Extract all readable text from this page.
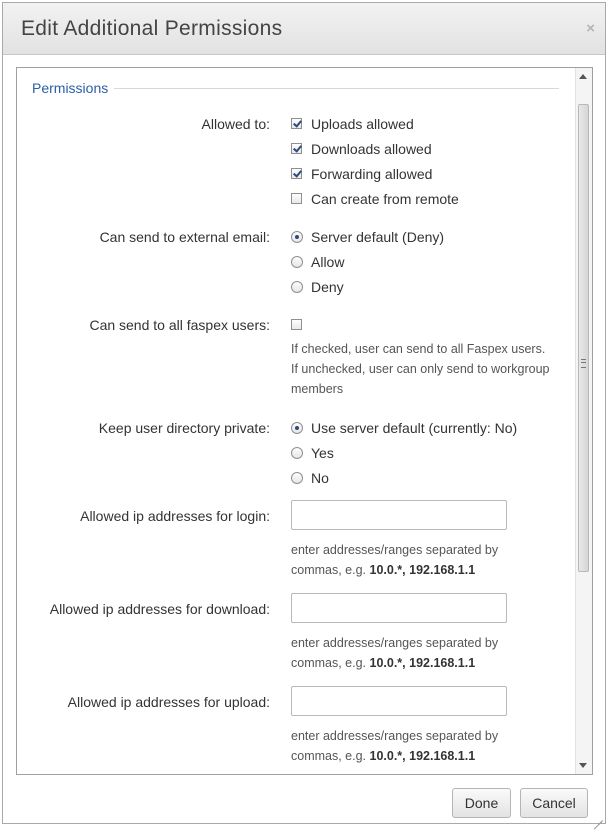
Edit Additional Permissions	×
Permissions
Allowed to:	Uploads allowed
Downloads allowed
Forwarding allowed
Can create from remote
Can send to external email:	Server default (Deny)
Allow
Deny
Can send to all faspex users:
If checked, user can send to all Faspex users.
If unchecked, user can only send to workgroup members
Keep user directory private:	Use server default (currently: No)
Yes
No
Allowed ip addresses for login:
enter addresses/ranges separated by commas, e.g. 10.0.*, 192.168.1.1
Allowed ip addresses for download:
enter addresses/ranges separated by commas, e.g. 10.0.*, 192.168.1.1
Allowed ip addresses for upload:
enter addresses/ranges separated by commas, e.g. 10.0.*, 192.168.1.1
Done	Cancel
